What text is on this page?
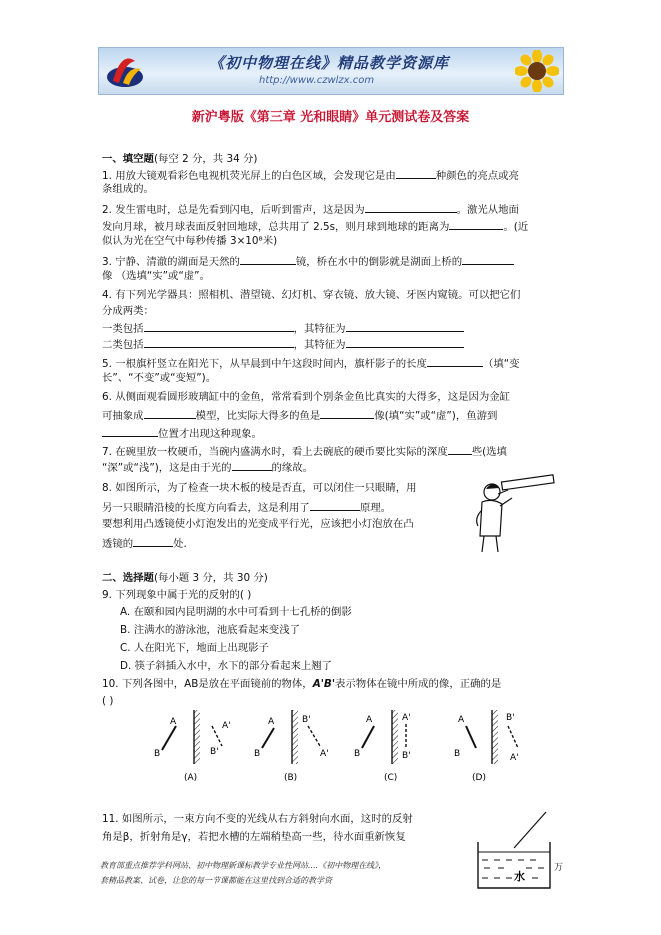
《初中物理在线》精品教学资源库
http://www.czwlzx.com
新沪粤版《第三章 光和眼睛》单元测试卷及答案
一、填空题(每空 2 分，共 34 分)
1. 用放大镜观看彩色电视机荧光屏上的白色区域，会发现它是由	种颜色的亮点或亮
条组成的。
2. 发生雷电时，总是先看到闪电，后听到雷声，这是因为	。激光从地面
发向月球，被月球表面反射回地球，总共用了 2.5s，则月球到地球的距离为	。(近
似认为光在空气中每秒传播 3×10⁸米)
3. 宁静、清澈的湖面是天然的	镜，桥在水中的倒影就是湖面上桥的
像 （选填“实”或“虚”。
4. 有下列光学器具：照相机、潜望镜、幻灯机、穿衣镜、放大镜、牙医内窥镜。可以把它们
分成两类：
一类包括	，其特征为
二类包括	，其特征为
5. 一根旗杆竖立在阳光下，从早晨到中午这段时间内，旗杆影子的长度	（填“变
长”、“不变”或“变短”)。
6. 从侧面观看圆形玻璃缸中的金鱼，常常看到个别条金鱼比真实的大得多，这是因为金缸
可抽象成	模型，比实际大得多的鱼是	像(填“实”或“虚”)，鱼游到
位置才出现这种现象。
7. 在碗里放一枚硬币，当碗内盛满水时，看上去碗底的硬币要比实际的深度 些(选填
“深”或“浅”)，这是由于光的	的缘故。
8. 如图所示，为了检查一块木板的棱是否直，可以闭住一只眼睛，用
另一只眼睛沿棱的长度方向看去，这是利用了	原理。
要想利用凸透镜使小灯泡发出的光变成平行光，应该把小灯泡放在凸
透镜的	处.
二、选择题(每小题 3 分，共 30 分)
9. 下列现象中属于光的反射的( )
A. 在颐和园内昆明湖的水中可看到十七孔桥的倒影
B. 注满水的游泳池，池底看起来变浅了
C. 人在阳光下，地面上出现影子
D. 筷子斜插入水中，水下的部分看起来上翘了
10. 下列各图中，AB是放在平面镜前的物体，A'B'表示物体在镜中所成的像，正确的是
( )
A
B
A'
B'
(A)
A
B
B'
A'
(B)
A
B
A'
B'
(C)
A
B
B'
A'
(D)
11. 如图所示，一束方向不变的光线从右方斜射向水面，这时的反射
角是β，折射角是γ，若把水槽的左端稍垫高一些，待水面重新恢复
水
教育部重点推荐学科网站、初中物理新课标教学专业性网站....《初中物理在线》，	万
套精品教案、试卷，让您的每一节课都能在这里找到合适的教学资
